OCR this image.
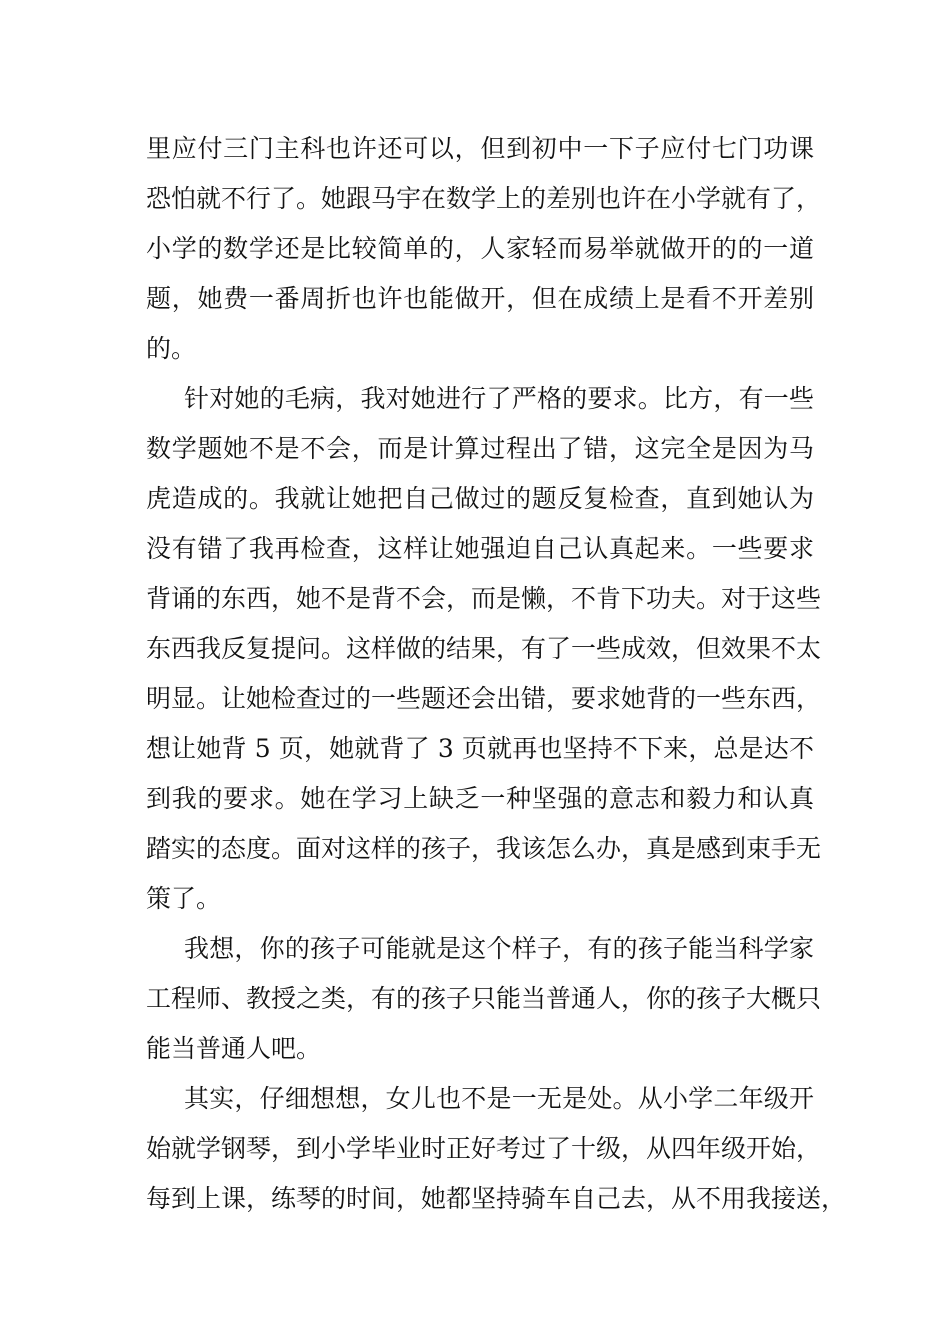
里应付三门主科也许还可以，但到初中一下子应付七门功课
恐怕就不行了。她跟马宇在数学上的差别也许在小学就有了，
小学的数学还是比较简单的，人家轻而易举就做开的的一道
题，她费一番周折也许也能做开，但在成绩上是看不开差别
的。
针对她的毛病，我对她进行了严格的要求。比方，有一些
数学题她不是不会，而是计算过程出了错，这完全是因为马
虎造成的。我就让她把自己做过的题反复检查，直到她认为
没有错了我再检查，这样让她强迫自己认真起来。一些要求
背诵的东西，她不是背不会，而是懒，不肯下功夫。对于这些
东西我反复提问。这样做的结果，有了一些成效，但效果不太
明显。让她检查过的一些题还会出错，要求她背的一些东西，
想让她背 5 页，她就背了 3 页就再也坚持不下来，总是达不
到我的要求。她在学习上缺乏一种坚强的意志和毅力和认真
踏实的态度。面对这样的孩子，我该怎么办，真是感到束手无
策了。
我想，你的孩子可能就是这个样子，有的孩子能当科学家
工程师、教授之类，有的孩子只能当普通人，你的孩子大概只
能当普通人吧。
其实，仔细想想，女儿也不是一无是处。从小学二年级开
始就学钢琴，到小学毕业时正好考过了十级，从四年级开始，
每到上课，练琴的时间，她都坚持骑车自己去，从不用我接送，
